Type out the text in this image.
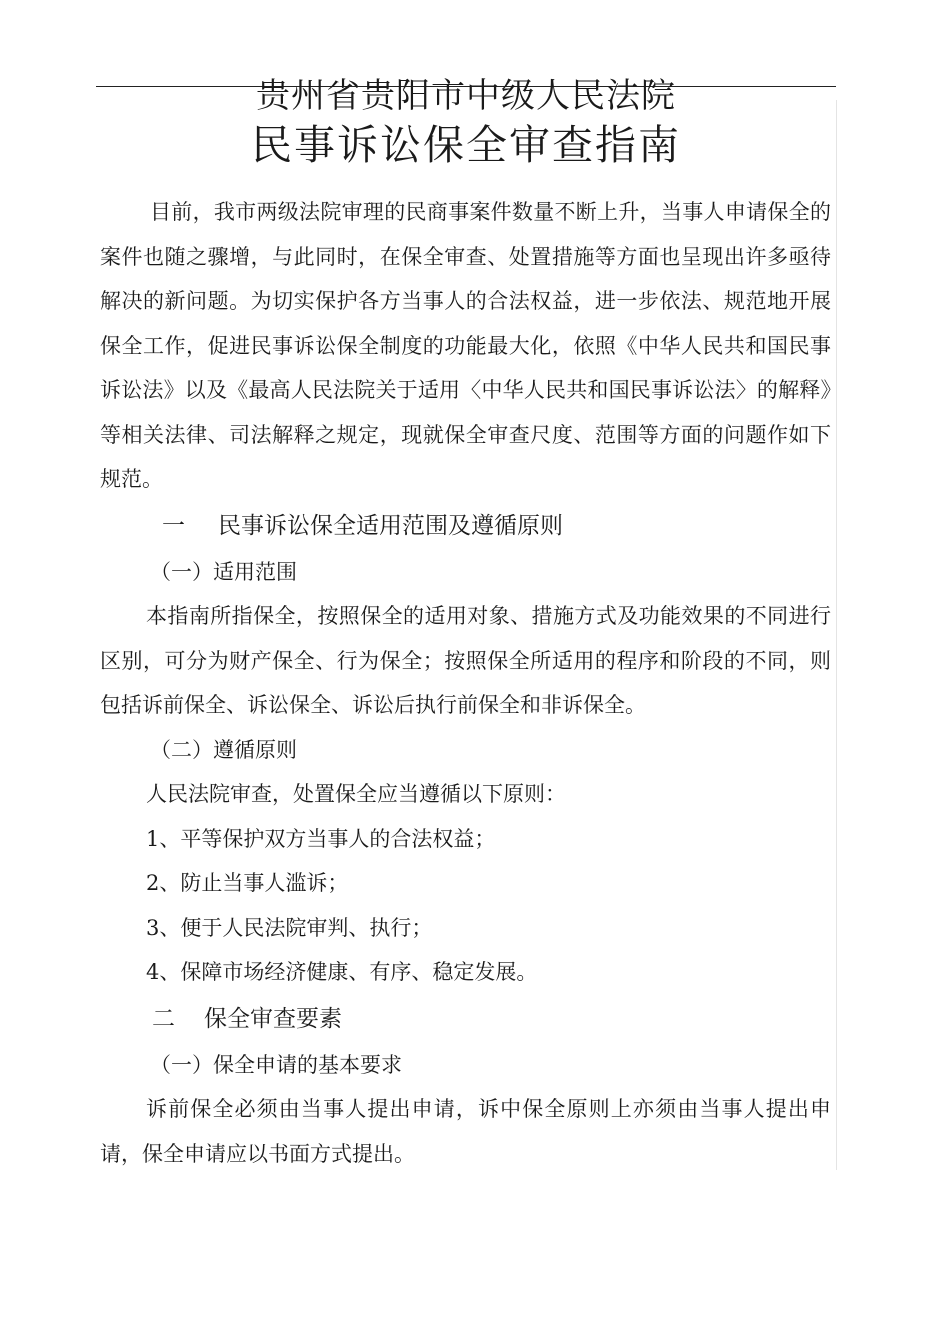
贵州省贵阳市中级人民法院
民事诉讼保全审查指南

目前，我市两级法院审理的民商事案件数量不断上升，当事人申请保全的案件也随之骤增，与此同时，在保全审查、处置措施等方面也呈现出许多亟待解决的新问题。为切实保护各方当事人的合法权益，进一步依法、规范地开展保全工作，促进民事诉讼保全制度的功能最大化，依照《中华人民共和国民事诉讼法》以及《最高人民法院关于适用〈中华人民共和国民事诉讼法〉的解释》等相关法律、司法解释之规定，现就保全审查尺度、范围等方面的问题作如下规范。

一 民事诉讼保全适用范围及遵循原则
（一）适用范围

本指南所指保全，按照保全的适用对象、措施方式及功能效果的不同进行区别，可分为财产保全、行为保全；按照保全所适用的程序和阶段的不同，则包括诉前保全、诉讼保全、诉讼后执行前保全和非诉保全。

（二）遵循原则
人民法院审查，处置保全应当遵循以下原则：
1、平等保护双方当事人的合法权益；
2、防止当事人滥诉；
3、便于人民法院审判、执行；
4、保障市场经济健康、有序、稳定发展。
二 保全审查要素
（一）保全申请的基本要求

诉前保全必须由当事人提出申请，诉中保全原则上亦须由当事人提出申请，保全申请应以书面方式提出。
